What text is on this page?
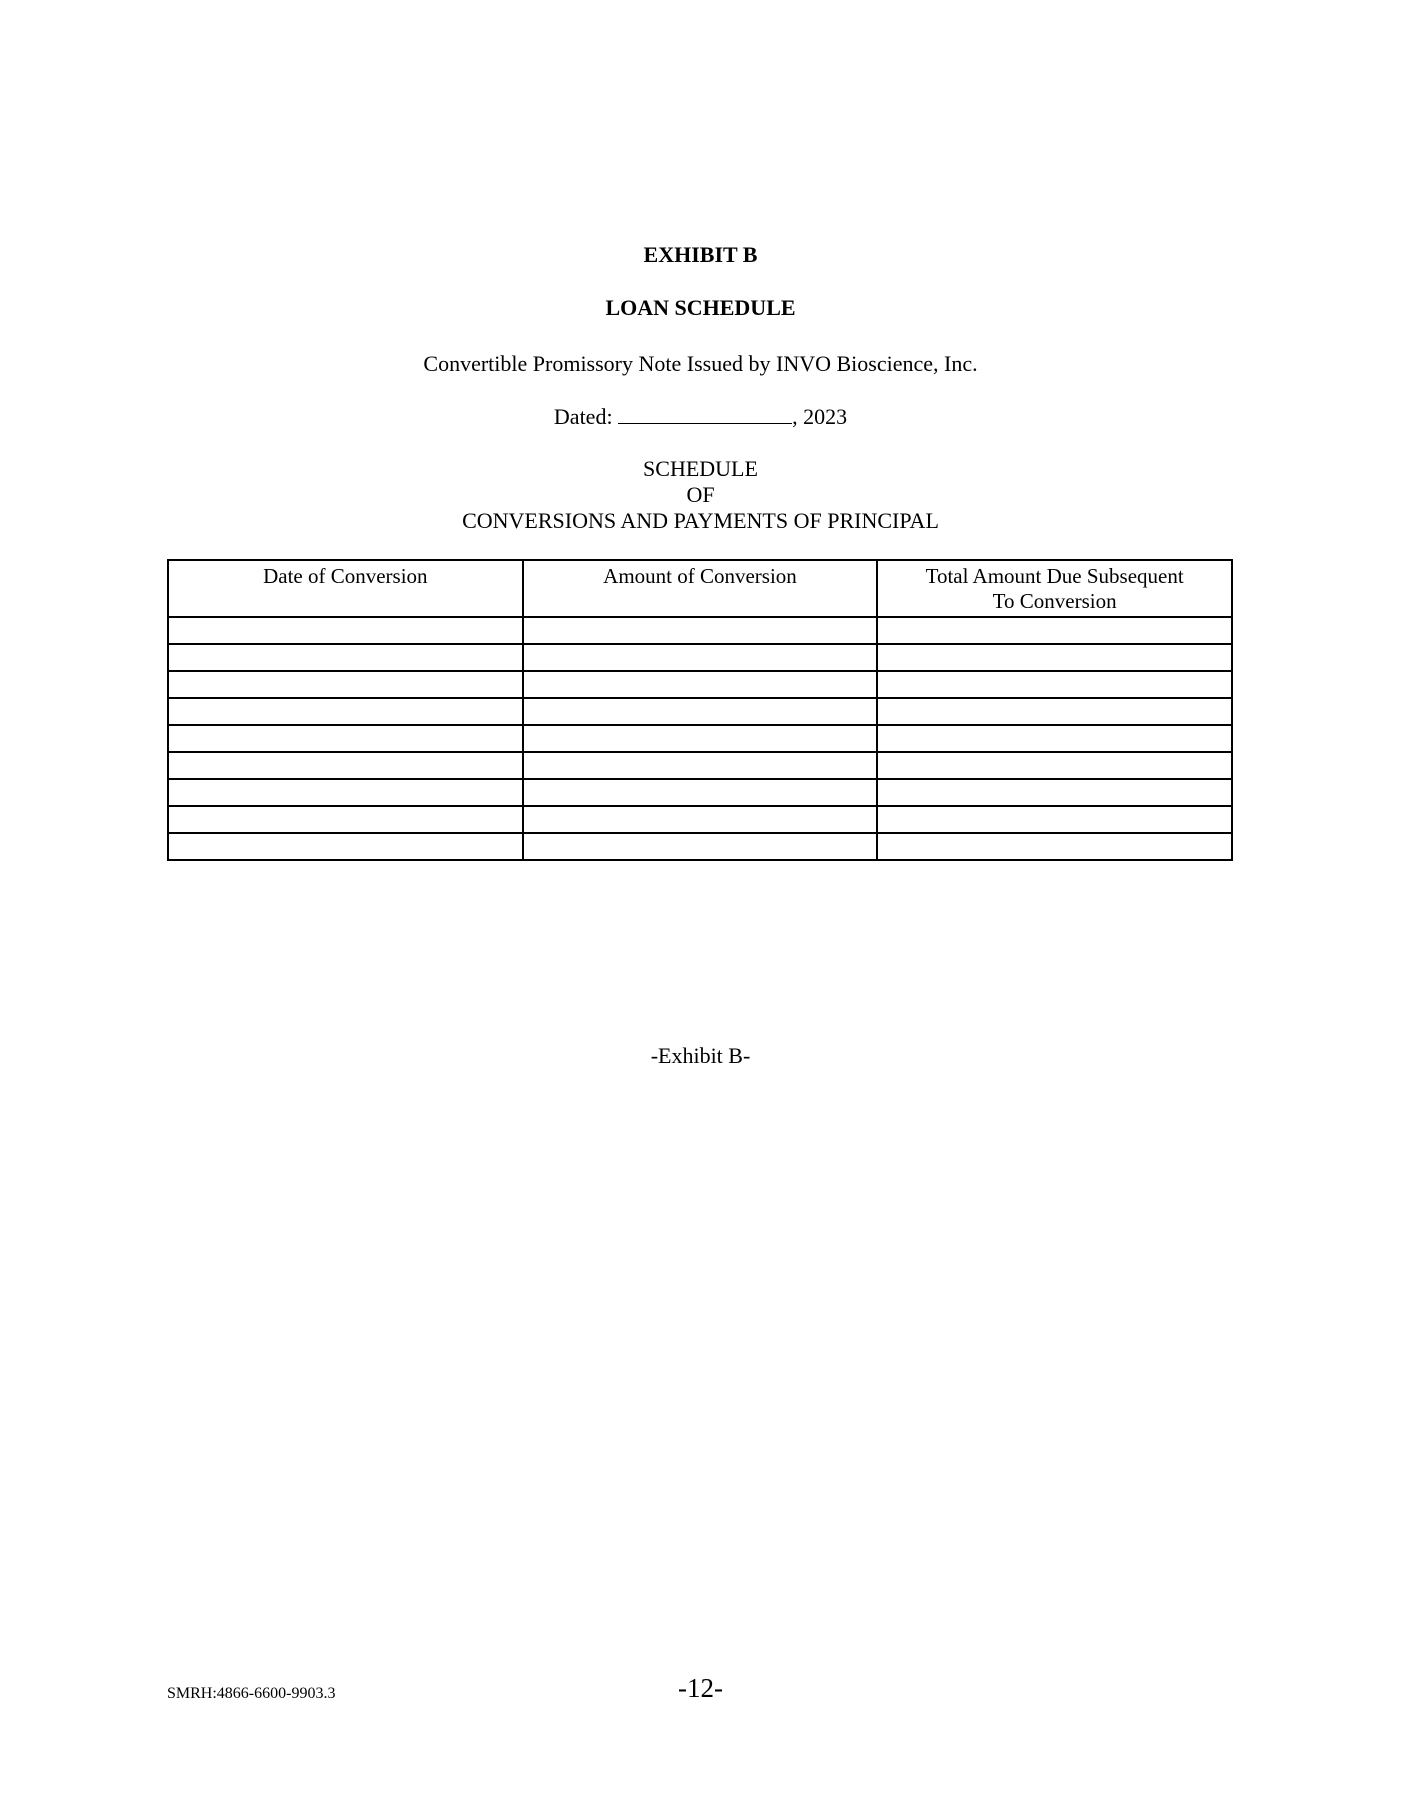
EXHIBIT B
LOAN SCHEDULE
Convertible Promissory Note Issued by INVO Bioscience, Inc.
Dated:	, 2023
SCHEDULE
OF
CONVERSIONS AND PAYMENTS OF PRINCIPAL
Date of Conversion	Amount of Conversion	Total Amount Due Subsequent To Conversion

-Exhibit B-
-12-
SMRH:4866-6600-9903.3
